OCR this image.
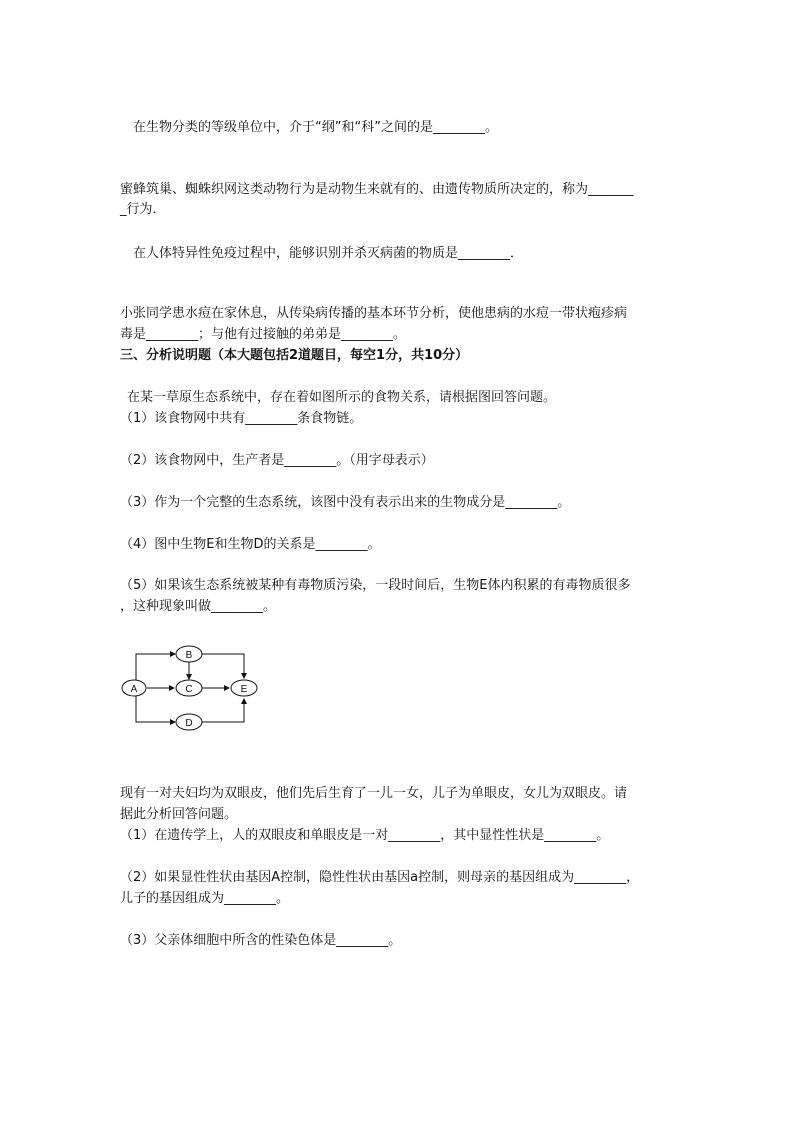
在生物分类的等级单位中，介于“纲”和“科”之间的是________。
蜜蜂筑巢、蜘蛛织网这类动物行为是动物生来就有的、由遗传物质所决定的，称为_______
_行为．
在人体特异性免疫过程中，能够识别并杀灭病菌的物质是________．
小张同学患水痘在家休息，从传染病传播的基本环节分析，使他患病的水痘一带状疱疹病
毒是________；与他有过接触的弟弟是________。
三、分析说明题（本大题包括2道题目，每空1分，共10分）
在某一草原生态系统中，存在着如图所示的食物关系，请根据图回答问题。
（1）该食物网中共有________条食物链。
（2）该食物网中，生产者是________。（用字母表示）
（3）作为一个完整的生态系统，该图中没有表示出来的生物成分是________。
（4）图中生物E和生物D的关系是________。
（5）如果该生态系统被某种有毒物质污染，一段时间后，生物E体内积累的有毒物质很多
，这种现象叫做________。
A
B
C
D
E
现有一对夫妇均为双眼皮，他们先后生育了一儿一女，儿子为单眼皮，女儿为双眼皮。请
据此分析回答问题。
（1）在遗传学上，人的双眼皮和单眼皮是一对________，其中显性性状是________。
（2）如果显性性状由基因A控制，隐性性状由基因a控制，则母亲的基因组成为________，
儿子的基因组成为________。
（3）父亲体细胞中所含的性染色体是________。
